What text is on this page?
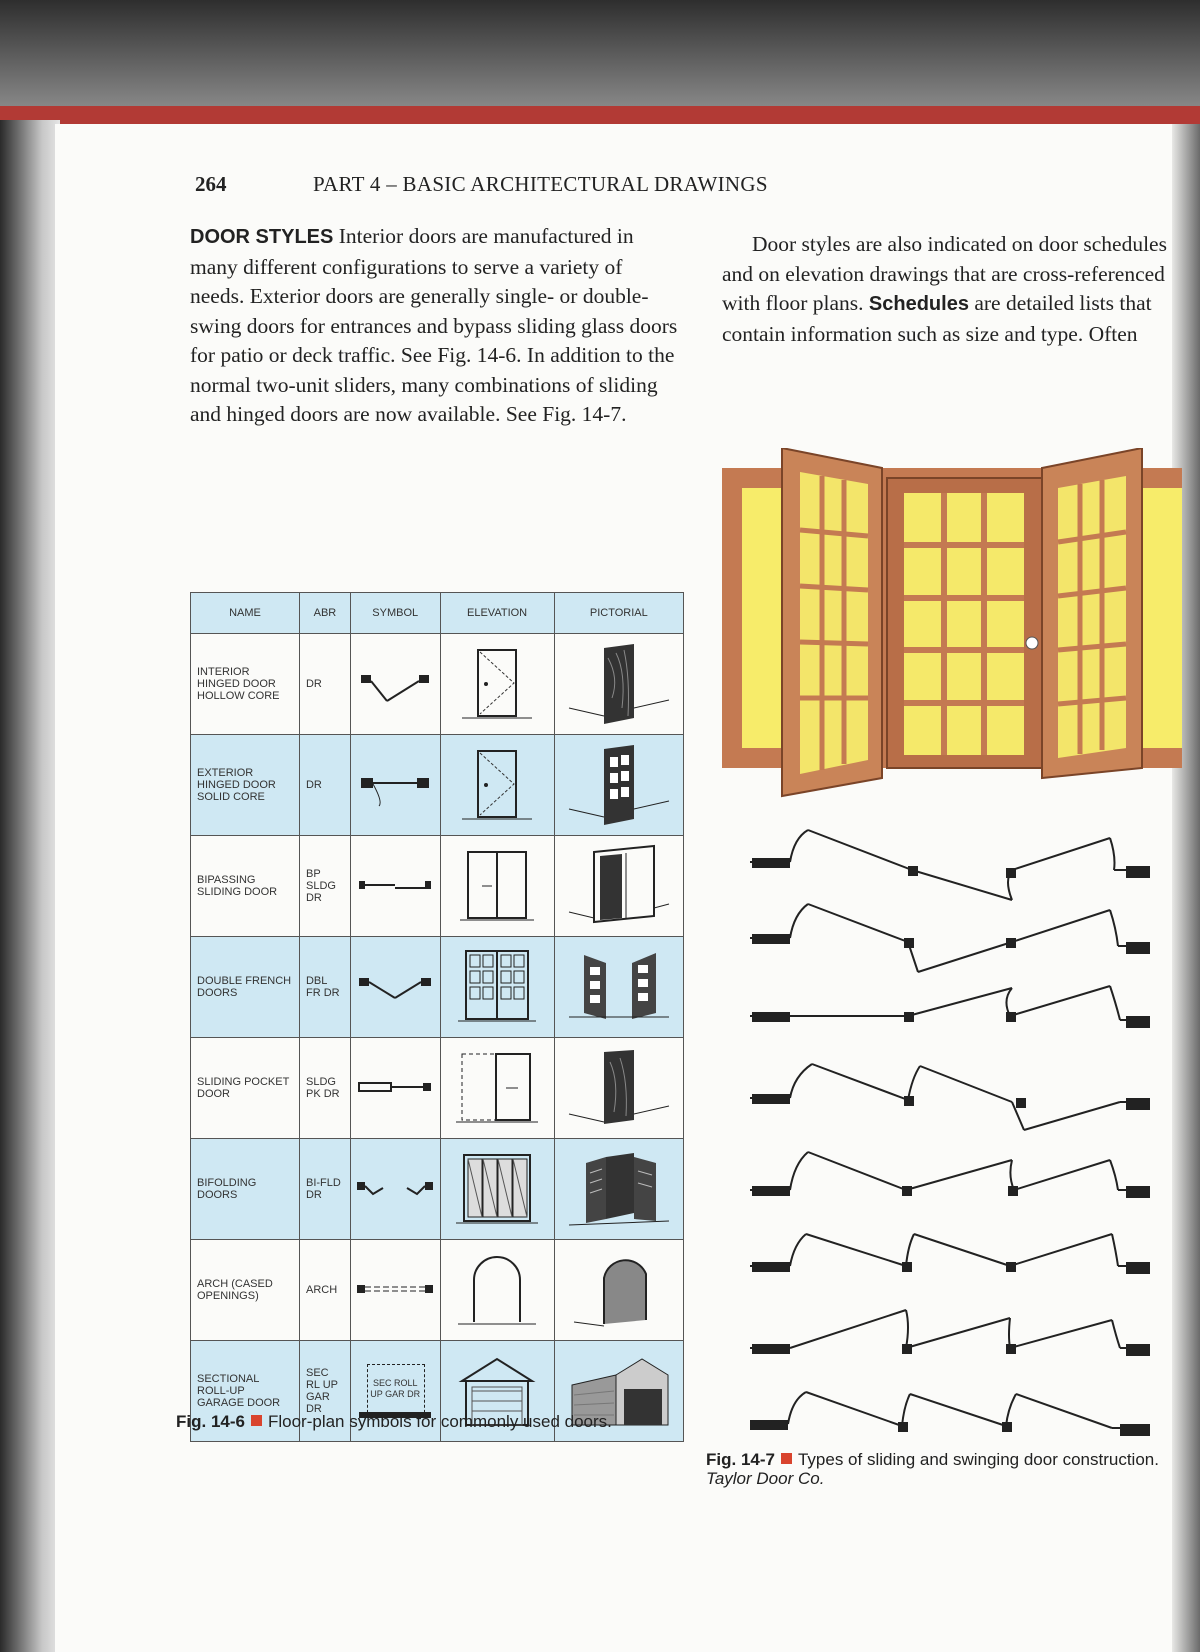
264	PART 4 – BASIC ARCHITECTURAL DRAWINGS
DOOR STYLES Interior doors are manufactured in many different configurations to serve a variety of needs. Exterior doors are generally single- or double-swing doors for entrances and bypass sliding glass doors for patio or deck traffic. See Fig. 14-6. In addition to the normal two-unit sliders, many combinations of sliding and hinged doors are now available. See Fig. 14-7.
Door styles are also indicated on door schedules and on elevation drawings that are cross-referenced with floor plans. Schedules are detailed lists that contain information such as size and type. Often
NAME	ABR	SYMBOL	ELEVATION	PICTORIAL
INTERIOR HINGED DOOR HOLLOW CORE	DR			
EXTERIOR HINGED DOOR SOLID CORE	DR			
BIPASSING SLIDING DOOR	BP SLDG DR			
DOUBLE FRENCH DOORS	DBL FR DR			
SLIDING POCKET DOOR	SLDG PK DR			
BIFOLDING DOORS	BI-FLD DR			
ARCH (CASED OPENINGS)	ARCH			
SECTIONAL ROLL-UP GARAGE DOOR	SEC RL UP GAR DR	SEC ROLL UP GAR DR

Fig. 14-6 Floor-plan symbols for commonly used doors.
Fig. 14-7 Types of sliding and swinging door construction. Taylor Door Co.
